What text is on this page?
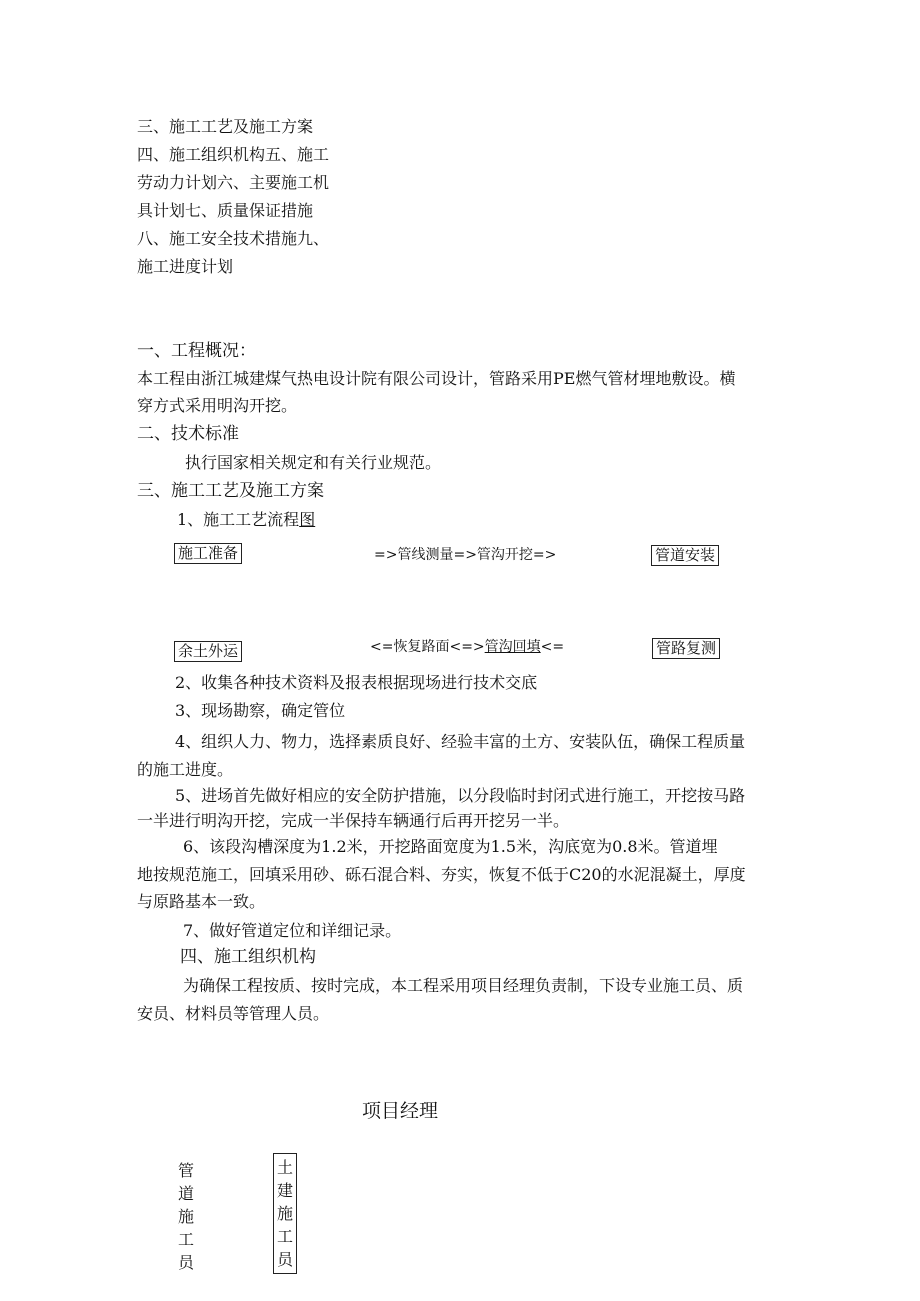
三、施工工艺及施工方案
四、施工组织机构五、施工
劳动力计划六、主要施工机
具计划七、质量保证措施
八、施工安全技术措施九、
施工进度计划
一、工程概况：
本工程由浙江城建煤气热电设计院有限公司设计，管路采用PE燃气管材埋地敷设。横
穿方式采用明沟开挖。
二、技术标准
执行国家相关规定和有关行业规范。
三、施工工艺及施工方案
1、施工工艺流程图
施工准备	=>管线测量=>管沟开挖=>	管道安装
余土外运	<=恢复路面<=>管沟回填<=	管路复测
2、收集各种技术资料及报表根据现场进行技术交底
3、现场勘察，确定管位
4、组织人力、物力，选择素质良好、经验丰富的土方、安装队伍，确保工程质量
的施工进度。
5、进场首先做好相应的安全防护措施，以分段临时封闭式进行施工，开挖按马路
一半进行明沟开挖，完成一半保持车辆通行后再开挖另一半。
6、该段沟槽深度为1.2米，开挖路面宽度为1.5米，沟底宽为0.8米。管道埋
地按规范施工，回填采用砂、砾石混合料、夯实，恢复不低于C20的水泥混凝土，厚度
与原路基本一致。
7、做好管道定位和详细记录。
四、施工组织机构
为确保工程按质、按时完成，本工程采用项目经理负责制，下设专业施工员、质
安员、材料员等管理人员。
项目经理
管
道
施
工
员
土
建
施
工
员
